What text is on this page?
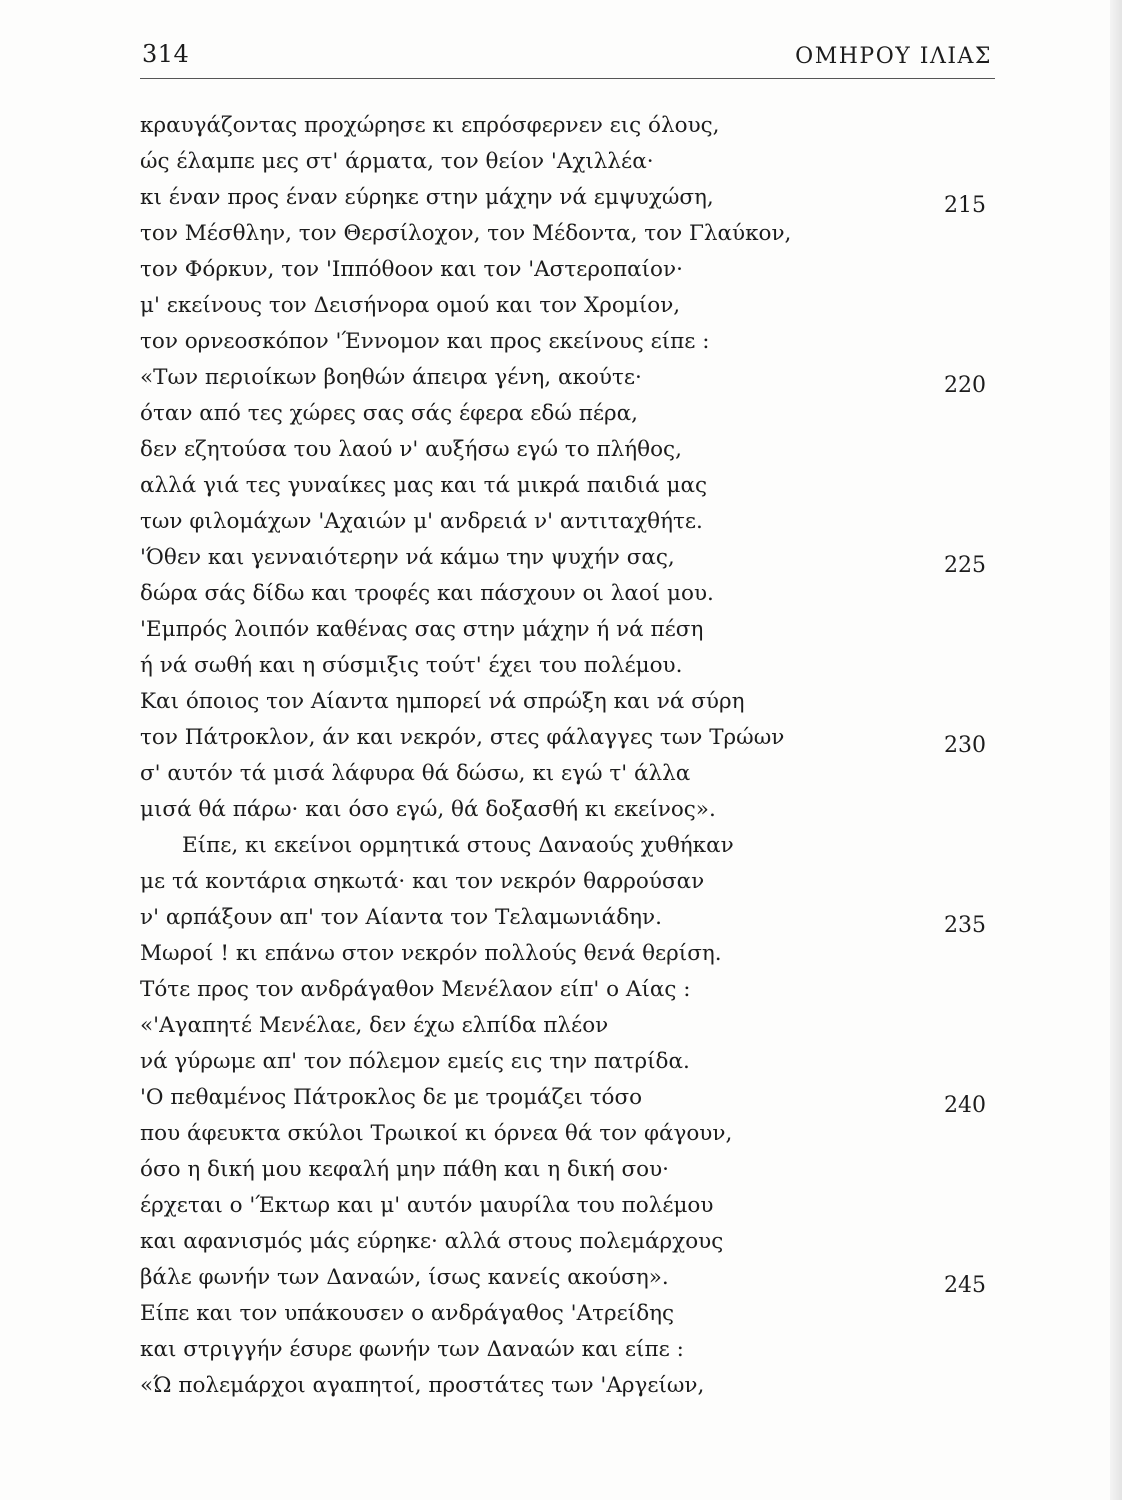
314	ΟΜΗΡΟΥ ΙΛΙΑΣ
κραυγάζοντας προχώρησε κι επρόσφερνεν εις όλους,
ώς έλαμπε μες στ' άρματα, τον θείον 'Αχιλλέα·
κι έναν προς έναν εύρηκε στην μάχην νά εμψυχώση,	215
τον Μέσθλην, τον Θερσίλοχον, τον Μέδοντα, τον Γλαύκον,
τον Φόρκυν, τον 'Ιππόθοον και τον 'Αστεροπαίον·
μ' εκείνους τον Δεισήνορα ομού και τον Χρομίον,
τον ορνεοσκόπον 'Έννομον και προς εκείνους είπε :
«Των περιοίκων βοηθών άπειρα γένη, ακούτε·	220
όταν από τες χώρες σας σάς έφερα εδώ πέρα,
δεν εζητούσα του λαού ν' αυξήσω εγώ το πλήθος,
αλλά γιά τες γυναίκες μας και τά μικρά παιδιά μας
των φιλομάχων 'Αχαιών μ' ανδρειά ν' αντιταχθήτε.
'Όθεν και γενναιότερην νά κάμω την ψυχήν σας,	225
δώρα σάς δίδω και τροφές και πάσχουν οι λαοί μου.
'Εμπρός λοιπόν καθένας σας στην μάχην ή νά πέση
ή νά σωθή και η σύσμιξις τούτ' έχει του πολέμου.
Και όποιος τον Αίαντα ημπορεί νά σπρώξη και νά σύρη
τον Πάτροκλον, άν και νεκρόν, στες φάλαγγες των Τρώων	230
σ' αυτόν τά μισά λάφυρα θά δώσω, κι εγώ τ' άλλα
μισά θά πάρω· και όσο εγώ, θά δοξασθή κι εκείνος».
Είπε, κι εκείνοι ορμητικά στους Δαναούς χυθήκαν
με τά κοντάρια σηκωτά· και τον νεκρόν θαρρούσαν
ν' αρπάξουν απ' τον Αίαντα τον Τελαμωνιάδην.	235
Μωροί ! κι επάνω στον νεκρόν πολλούς θενά θερίση.
Τότε προς τον ανδράγαθον Μενέλαον είπ' ο Αίας :
«'Αγαπητέ Μενέλαε, δεν έχω ελπίδα πλέον
νά γύρωμε απ' τον πόλεμον εμείς εις την πατρίδα.
'Ο πεθαμένος Πάτροκλος δε με τρομάζει τόσο	240
που άφευκτα σκύλοι Τρωικοί κι όρνεα θά τον φάγουν,
όσο η δική μου κεφαλή μην πάθη και η δική σου·
έρχεται ο 'Έκτωρ και μ' αυτόν μαυρίλα του πολέμου
και αφανισμός μάς εύρηκε· αλλά στους πολεμάρχους
βάλε φωνήν των Δαναών, ίσως κανείς ακούση».	245
Είπε και τον υπάκουσεν ο ανδράγαθος 'Ατρείδης
και στριγγήν έσυρε φωνήν των Δαναών και είπε :
«Ώ πολεμάρχοι αγαπητοί, προστάτες των 'Αργείων,
